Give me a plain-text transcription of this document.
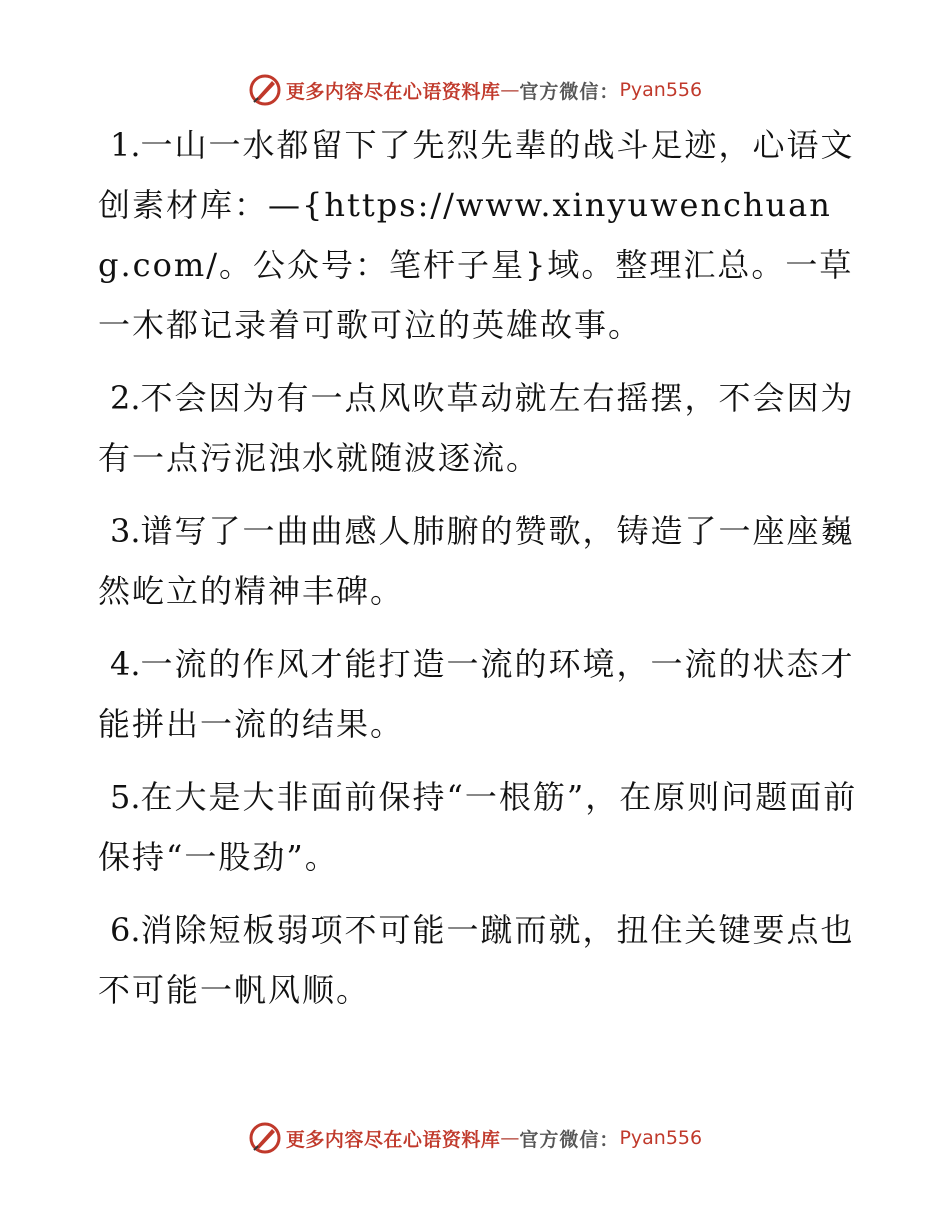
更多内容尽在心语资料库 — 官方微信： Pyan556

1.一山一水都留下了先烈先辈的战斗足迹，心语文创素材库：—{https://www.xinyuwenchuang.com/。公众号：笔杆子星}域。整理汇总。一草一木都记录着可歌可泣的英雄故事。

2.不会因为有一点风吹草动就左右摇摆，不会因为有一点污泥浊水就随波逐流。

3.谱写了一曲曲感人肺腑的赞歌，铸造了一座座巍然屹立的精神丰碑。

4.一流的作风才能打造一流的环境，一流的状态才能拼出一流的结果。

5.在大是大非面前保持“一根筋”，在原则问题面前保持“一股劲”。

6.消除短板弱项不可能一蹴而就，扭住关键要点也不可能一帆风顺。

更多内容尽在心语资料库 — 官方微信： Pyan556
